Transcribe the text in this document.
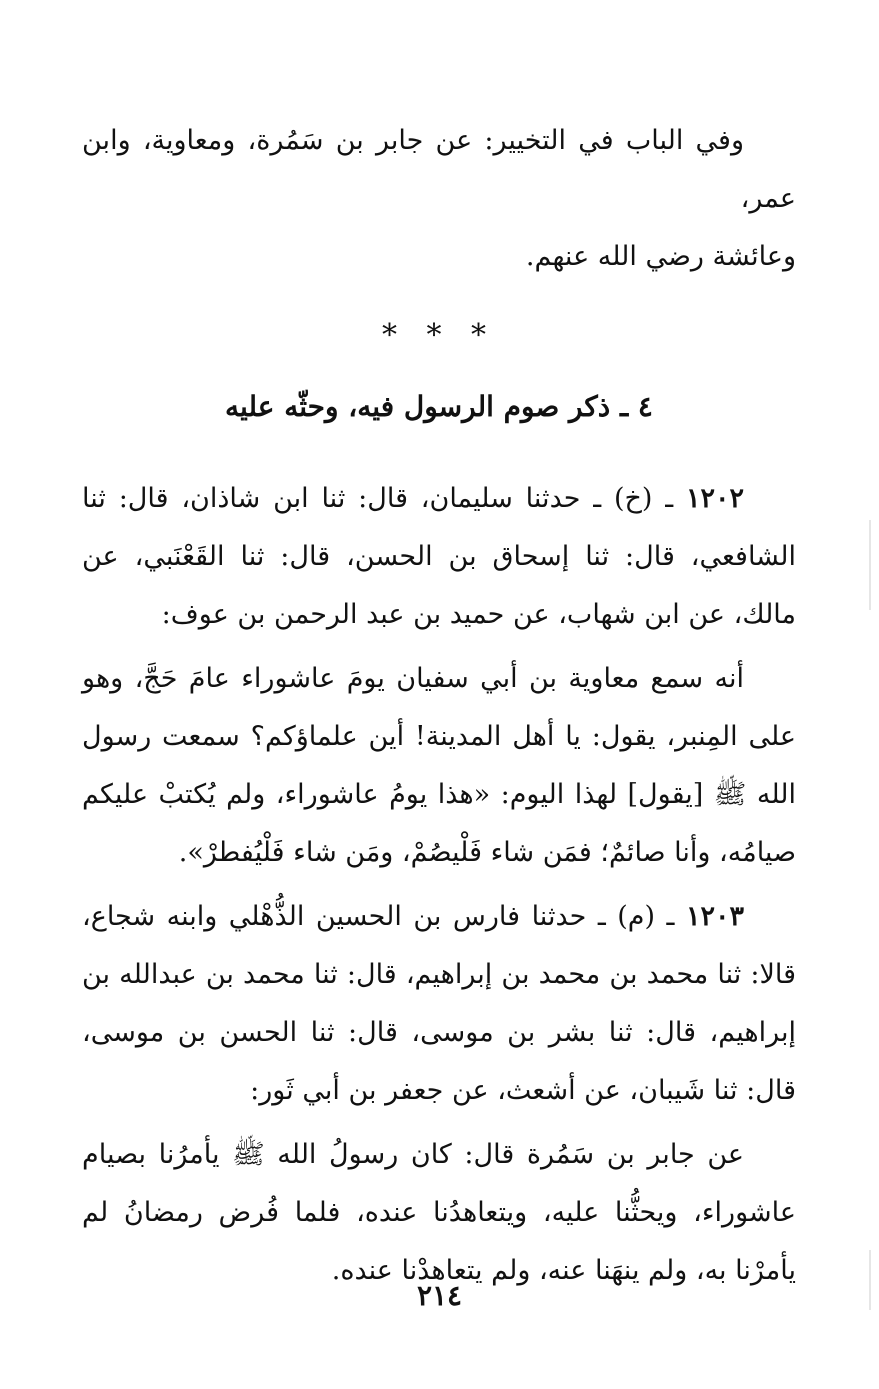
وفي الباب في التخيير: عن جابر بن سَمُرة، ومعاوية، وابن عمر،

وعائشة رضي الله عنهم.

* * *
٤ ـ ذكر صوم الرسول فيه، وحثّه عليه

١٢٠٢ ـ (خ) ـ حدثنا سليمان، قال: ثنا ابن شاذان، قال: ثنا الشافعي، قال: ثنا إسحاق بن الحسن، قال: ثنا القَعْنَبي، عن مالك، عن ابن شهاب، عن حميد بن عبد الرحمن بن عوف:

أنه سمع معاوية بن أبي سفيان يومَ عاشوراء عامَ حَجَّ، وهو على المِنبر، يقول: يا أهل المدينة! أين علماؤكم؟ سمعت رسول الله ﷺ [يقول] لهذا اليوم: «هذا يومُ عاشوراء، ولم يُكتبْ عليكم صيامُه، وأنا صائمٌ؛ فمَن شاء فَلْيصُمْ، ومَن شاء فَلْيُفطرْ».

١٢٠٣ ـ (م) ـ حدثنا فارس بن الحسين الذُّهْلي وابنه شجاع، قالا: ثنا محمد بن محمد بن إبراهيم، قال: ثنا محمد بن عبدالله بن إبراهيم، قال: ثنا بشر بن موسى، قال: ثنا الحسن بن موسى، قال: ثنا شَيبان، عن أشعث، عن جعفر بن أبي ثَور:

عن جابر بن سَمُرة قال: كان رسولُ الله ﷺ يأمرُنا بصيام عاشوراء، ويحثُّنا عليه، ويتعاهدُنا عنده، فلما فُرض رمضانُ لم يأمرْنا به، ولم ينهَنا عنه، ولم يتعاهدْنا عنده.

٢١٤
